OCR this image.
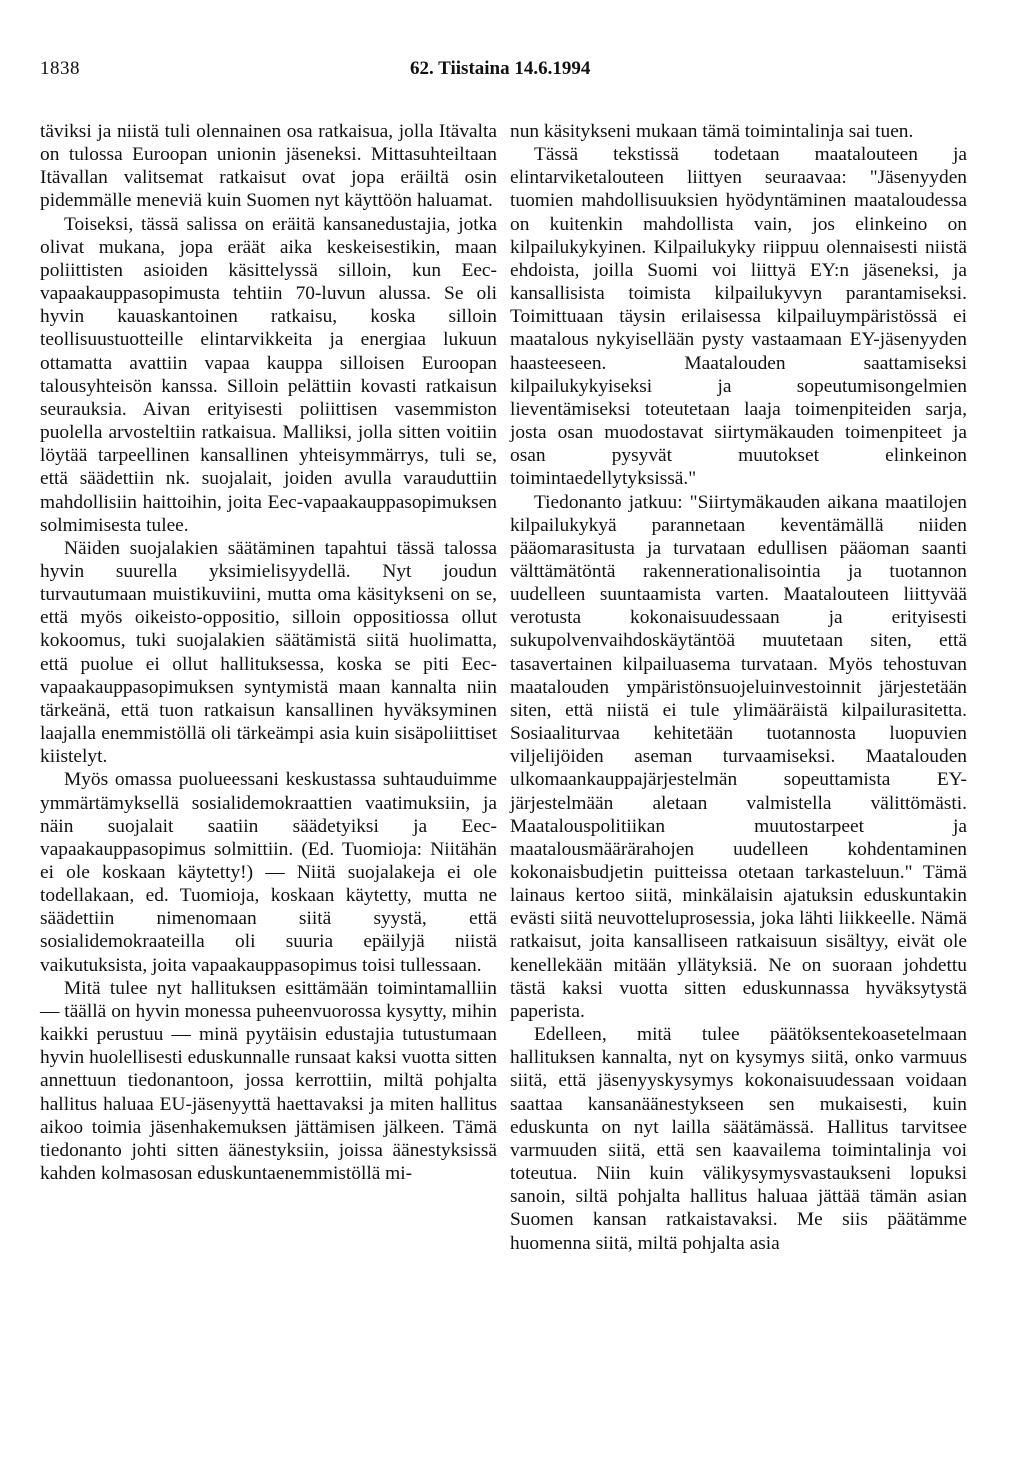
1838	62. Tiistaina 14.6.1994

täviksi ja niistä tuli olennainen osa ratkaisua, jolla Itävalta on tulossa Euroopan unionin jäseneksi. Mittasuhteiltaan Itävallan valitsemat ratkaisut ovat jopa eräiltä osin pidemmälle meneviä kuin Suomen nyt käyttöön haluamat.

Toiseksi, tässä salissa on eräitä kansanedustajia, jotka olivat mukana, jopa eräät aika keskeisestikin, maan poliittisten asioiden käsittelyssä silloin, kun Eec-vapaakauppasopimusta tehtiin 70-luvun alussa. Se oli hyvin kauaskantoinen ratkaisu, koska silloin teollisuustuotteille elintarvikkeita ja energiaa lukuun ottamatta avattiin vapaa kauppa silloisen Euroopan talousyhteisön kanssa. Silloin pelättiin kovasti ratkaisun seurauksia. Aivan erityisesti poliittisen vasemmiston puolella arvosteltiin ratkaisua. Malliksi, jolla sitten voitiin löytää tarpeellinen kansallinen yhteisymmärrys, tuli se, että säädettiin nk. suojalait, joiden avulla varauduttiin mahdollisiin haittoihin, joita Eec-vapaakauppasopimuksen solmimisesta tulee.

Näiden suojalakien säätäminen tapahtui tässä talossa hyvin suurella yksimielisyydellä. Nyt joudun turvautumaan muistikuviini, mutta oma käsitykseni on se, että myös oikeisto-oppositio, silloin oppositiossa ollut kokoomus, tuki suojalakien säätämistä siitä huolimatta, että puolue ei ollut hallituksessa, koska se piti Eec-vapaakauppasopimuksen syntymistä maan kannalta niin tärkeänä, että tuon ratkaisun kansallinen hyväksyminen laajalla enemmistöllä oli tärkeämpi asia kuin sisäpoliittiset kiistelyt.

Myös omassa puolueessani keskustassa suhtauduimme ymmärtämyksellä sosialidemokraattien vaatimuksiin, ja näin suojalait saatiin säädetyiksi ja Eec-vapaakauppasopimus solmittiin. (Ed. Tuomioja: Niitähän ei ole koskaan käytetty!) — Niitä suojalakeja ei ole todellakaan, ed. Tuomioja, koskaan käytetty, mutta ne säädettiin nimenomaan siitä syystä, että sosialidemokraateilla oli suuria epäilyjä niistä vaikutuksista, joita vapaakauppasopimus toisi tullessaan.

Mitä tulee nyt hallituksen esittämään toimintamalliin — täällä on hyvin monessa puheenvuorossa kysytty, mihin kaikki perustuu — minä pyytäisin edustajia tutustumaan hyvin huolellisesti eduskunnalle runsaat kaksi vuotta sitten annettuun tiedonantoon, jossa kerrottiin, miltä pohjalta hallitus haluaa EU-jäsenyyttä haettavaksi ja miten hallitus aikoo toimia jäsenhakemuksen jättämisen jälkeen. Tämä tiedonanto johti sitten äänestyksiin, joissa äänestyksissä kahden kolmasosan eduskuntaenemmistöllä mi-

nun käsitykseni mukaan tämä toimintalinja sai tuen.

Tässä tekstissä todetaan maatalouteen ja elintarviketalouteen liittyen seuraavaa: "Jäsenyyden tuomien mahdollisuuksien hyödyntäminen maataloudessa on kuitenkin mahdollista vain, jos elinkeino on kilpailukykyinen. Kilpailukyky riippuu olennaisesti niistä ehdoista, joilla Suomi voi liittyä EY:n jäseneksi, ja kansallisista toimista kilpailukyvyn parantamiseksi. Toimittuaan täysin erilaisessa kilpailuympäristössä ei maatalous nykyisellään pysty vastaamaan EY-jäsenyyden haasteeseen. Maatalouden saattamiseksi kilpailukykyiseksi ja sopeutumisongelmien lieventämiseksi toteutetaan laaja toimenpiteiden sarja, josta osan muodostavat siirtymäkauden toimenpiteet ja osan pysyvät muutokset elinkeinon toimintaedellytyksissä."

Tiedonanto jatkuu: "Siirtymäkauden aikana maatilojen kilpailukykyä parannetaan keventämällä niiden pääomarasitusta ja turvataan edullisen pääoman saanti välttämätöntä rakennerationalisointia ja tuotannon uudelleen suuntaamista varten. Maatalouteen liittyvää verotusta kokonaisuudessaan ja erityisesti sukupolvenvaihdoskäytäntöä muutetaan siten, että tasavertainen kilpailuasema turvataan. Myös tehostuvan maatalouden ympäristönsuojeluinvestoinnit järjestetään siten, että niistä ei tule ylimääräistä kilpailurasitetta. Sosiaaliturvaa kehitetään tuotannosta luopuvien viljelijöiden aseman turvaamiseksi. Maatalouden ulkomaankauppajärjestelmän sopeuttamista EY-järjestelmään aletaan valmistella välittömästi. Maatalouspolitiikan muutostarpeet ja maatalousmäärärahojen uudelleen kohdentaminen kokonaisbudjetin puitteissa otetaan tarkasteluun." Tämä lainaus kertoo siitä, minkälaisin ajatuksin eduskuntakin evästi siitä neuvotteluprosessia, joka lähti liikkeelle. Nämä ratkaisut, joita kansalliseen ratkaisuun sisältyy, eivät ole kenellekään mitään yllätyksiä. Ne on suoraan johdettu tästä kaksi vuotta sitten eduskunnassa hyväksytystä paperista.

Edelleen, mitä tulee päätöksentekoasetelmaan hallituksen kannalta, nyt on kysymys siitä, onko varmuus siitä, että jäsenyyskysymys kokonaisuudessaan voidaan saattaa kansanäänestykseen sen mukaisesti, kuin eduskunta on nyt lailla säätämässä. Hallitus tarvitsee varmuuden siitä, että sen kaavailema toimintalinja voi toteutua. Niin kuin välikysymysvastaukseni lopuksi sanoin, siltä pohjalta hallitus haluaa jättää tämän asian Suomen kansan ratkaistavaksi. Me siis päätämme huomenna siitä, miltä pohjalta asia
